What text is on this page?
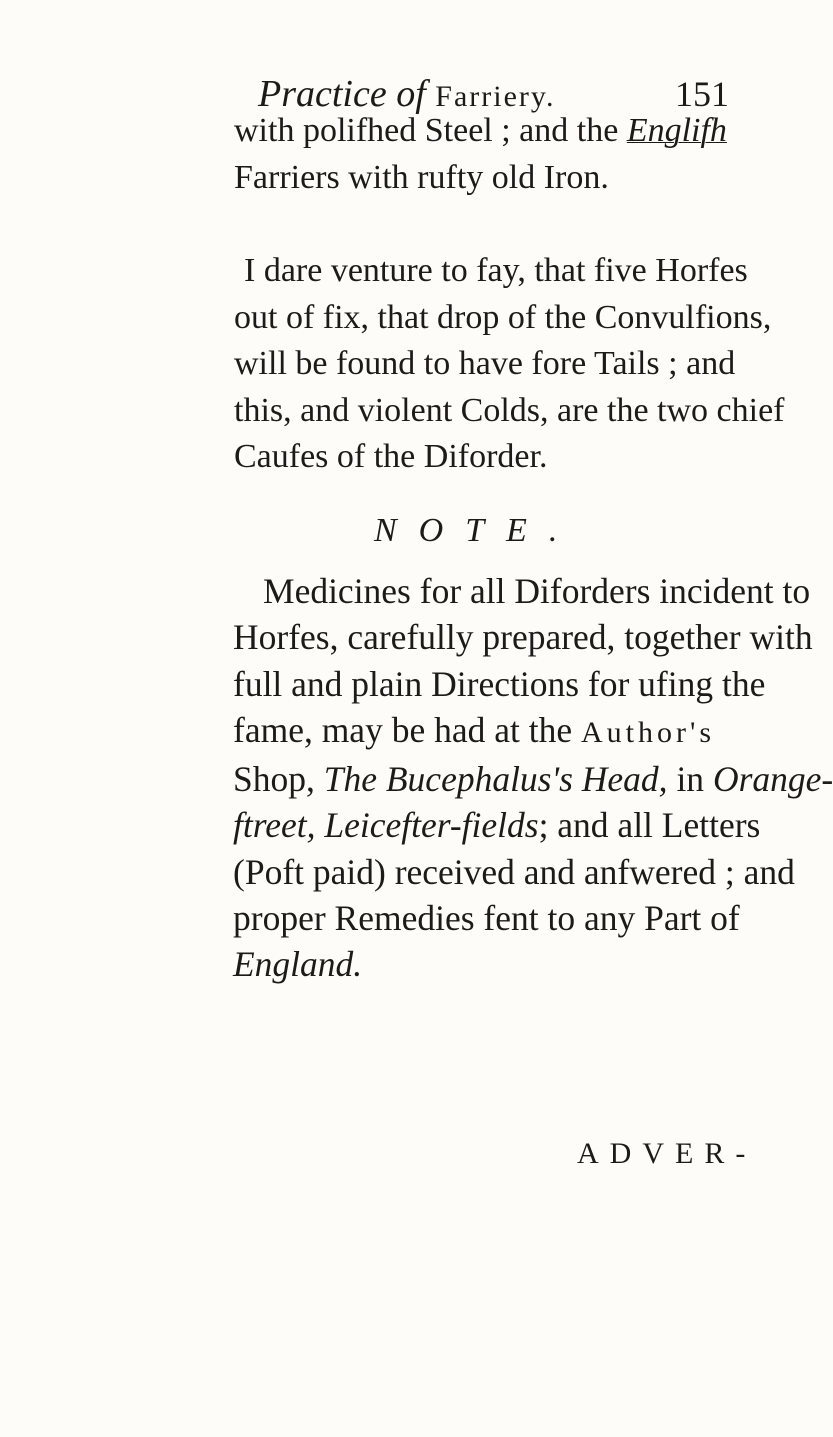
Practice of Farriery.	151
with polifhed Steel ; and the Englifh
Farriers with rufty old Iron.
I dare venture to fay, that five Horfes
out of fix, that drop of the Convulfions,
will be found to have fore Tails ; and
this, and violent Colds, are the two chief
Caufes of the Diforder.
NOTE.
Medicines for all Diforders incident to
Horfes, carefully prepared, together with
full and plain Directions for ufing the
fame, may be had at the Author's
Shop, The Bucephalus's Head, in Orange-
ftreet, Leicefter-fields; and all Letters
(Poft paid) received and anfwered ; and
proper Remedies fent to any Part of
England.
ADVER-
